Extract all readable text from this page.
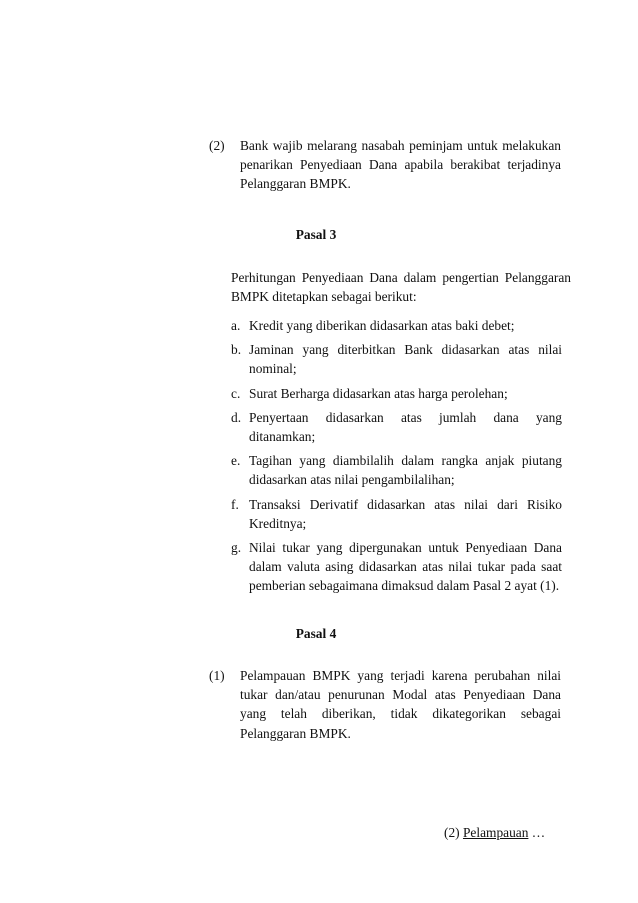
(2)	Bank wajib melarang nasabah peminjam untuk melakukan penarikan Penyediaan Dana apabila berakibat terjadinya Pelanggaran BMPK.
Pasal 3
Perhitungan Penyediaan Dana dalam pengertian Pelanggaran BMPK ditetapkan sebagai berikut:
a. Kredit yang diberikan didasarkan atas baki debet;
b. Jaminan yang diterbitkan Bank didasarkan atas nilai nominal;
c. Surat Berharga didasarkan atas harga perolehan;
d. Penyertaan didasarkan atas jumlah dana yang ditanamkan;
e. Tagihan yang diambilalih dalam rangka anjak piutang didasarkan atas nilai pengambilalihan;
f. Transaksi Derivatif didasarkan atas nilai dari Risiko Kreditnya;
g. Nilai tukar yang dipergunakan untuk Penyediaan Dana dalam valuta asing didasarkan atas nilai tukar pada saat pemberian sebagaimana dimaksud dalam Pasal 2 ayat (1).
Pasal 4
(1)	Pelampauan BMPK yang terjadi karena perubahan nilai tukar dan/atau penurunan Modal atas Penyediaan Dana yang telah diberikan, tidak dikategorikan sebagai Pelanggaran BMPK.
(2) Pelampauan …
